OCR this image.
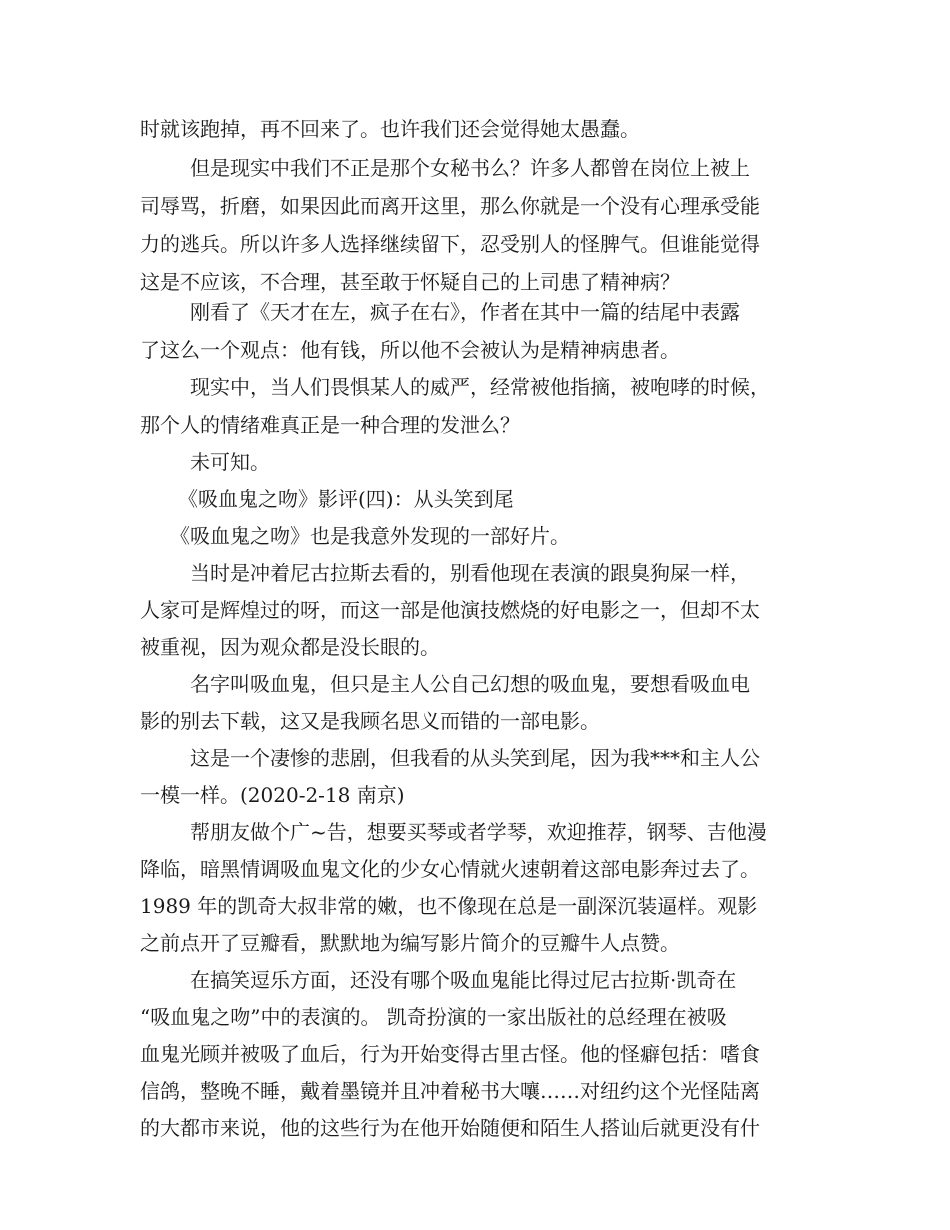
时就该跑掉，再不回来了。也许我们还会觉得她太愚蠢。
但是现实中我们不正是那个女秘书么？许多人都曾在岗位上被上
司辱骂，折磨，如果因此而离开这里，那么你就是一个没有心理承受能
力的逃兵。所以许多人选择继续留下，忍受别人的怪脾气。但谁能觉得
这是不应该，不合理，甚至敢于怀疑自己的上司患了精神病？
刚看了《天才在左，疯子在右》，作者在其中一篇的结尾中表露
了这么一个观点：他有钱，所以他不会被认为是精神病患者。
现实中，当人们畏惧某人的威严，经常被他指摘，被咆哮的时候，
那个人的情绪难真正是一种合理的发泄么？
未可知。
《吸血鬼之吻》影评(四)：从头笑到尾
《吸血鬼之吻》也是我意外发现的一部好片。
当时是冲着尼古拉斯去看的，别看他现在表演的跟臭狗屎一样，
人家可是辉煌过的呀，而这一部是他演技燃烧的好电影之一，但却不太
被重视，因为观众都是没长眼的。
名字叫吸血鬼，但只是主人公自己幻想的吸血鬼，要想看吸血电
影的别去下载，这又是我顾名思义而错的一部电影。
这是一个凄惨的悲剧，但我看的从头笑到尾，因为我***和主人公
一模一样。(2020-2-18 南京)
帮朋友做个广~告，想要买琴或者学琴，欢迎推荐，钢琴、吉他漫
降临，暗黑情调吸血鬼文化的少女心情就火速朝着这部电影奔过去了。
1989 年的凯奇大叔非常的嫩，也不像现在总是一副深沉装逼样。观影
之前点开了豆瓣看，默默地为编写影片简介的豆瓣牛人点赞。
在搞笑逗乐方面，还没有哪个吸血鬼能比得过尼古拉斯·凯奇在
“吸血鬼之吻”中的表演的。 凯奇扮演的一家出版社的总经理在被吸
血鬼光顾并被吸了血后，行为开始变得古里古怪。他的怪癖包括：嗜食
信鸽，整晚不睡，戴着墨镜并且冲着秘书大嚷……对纽约这个光怪陆离
的大都市来说，他的这些行为在他开始随便和陌生人搭讪后就更没有什
